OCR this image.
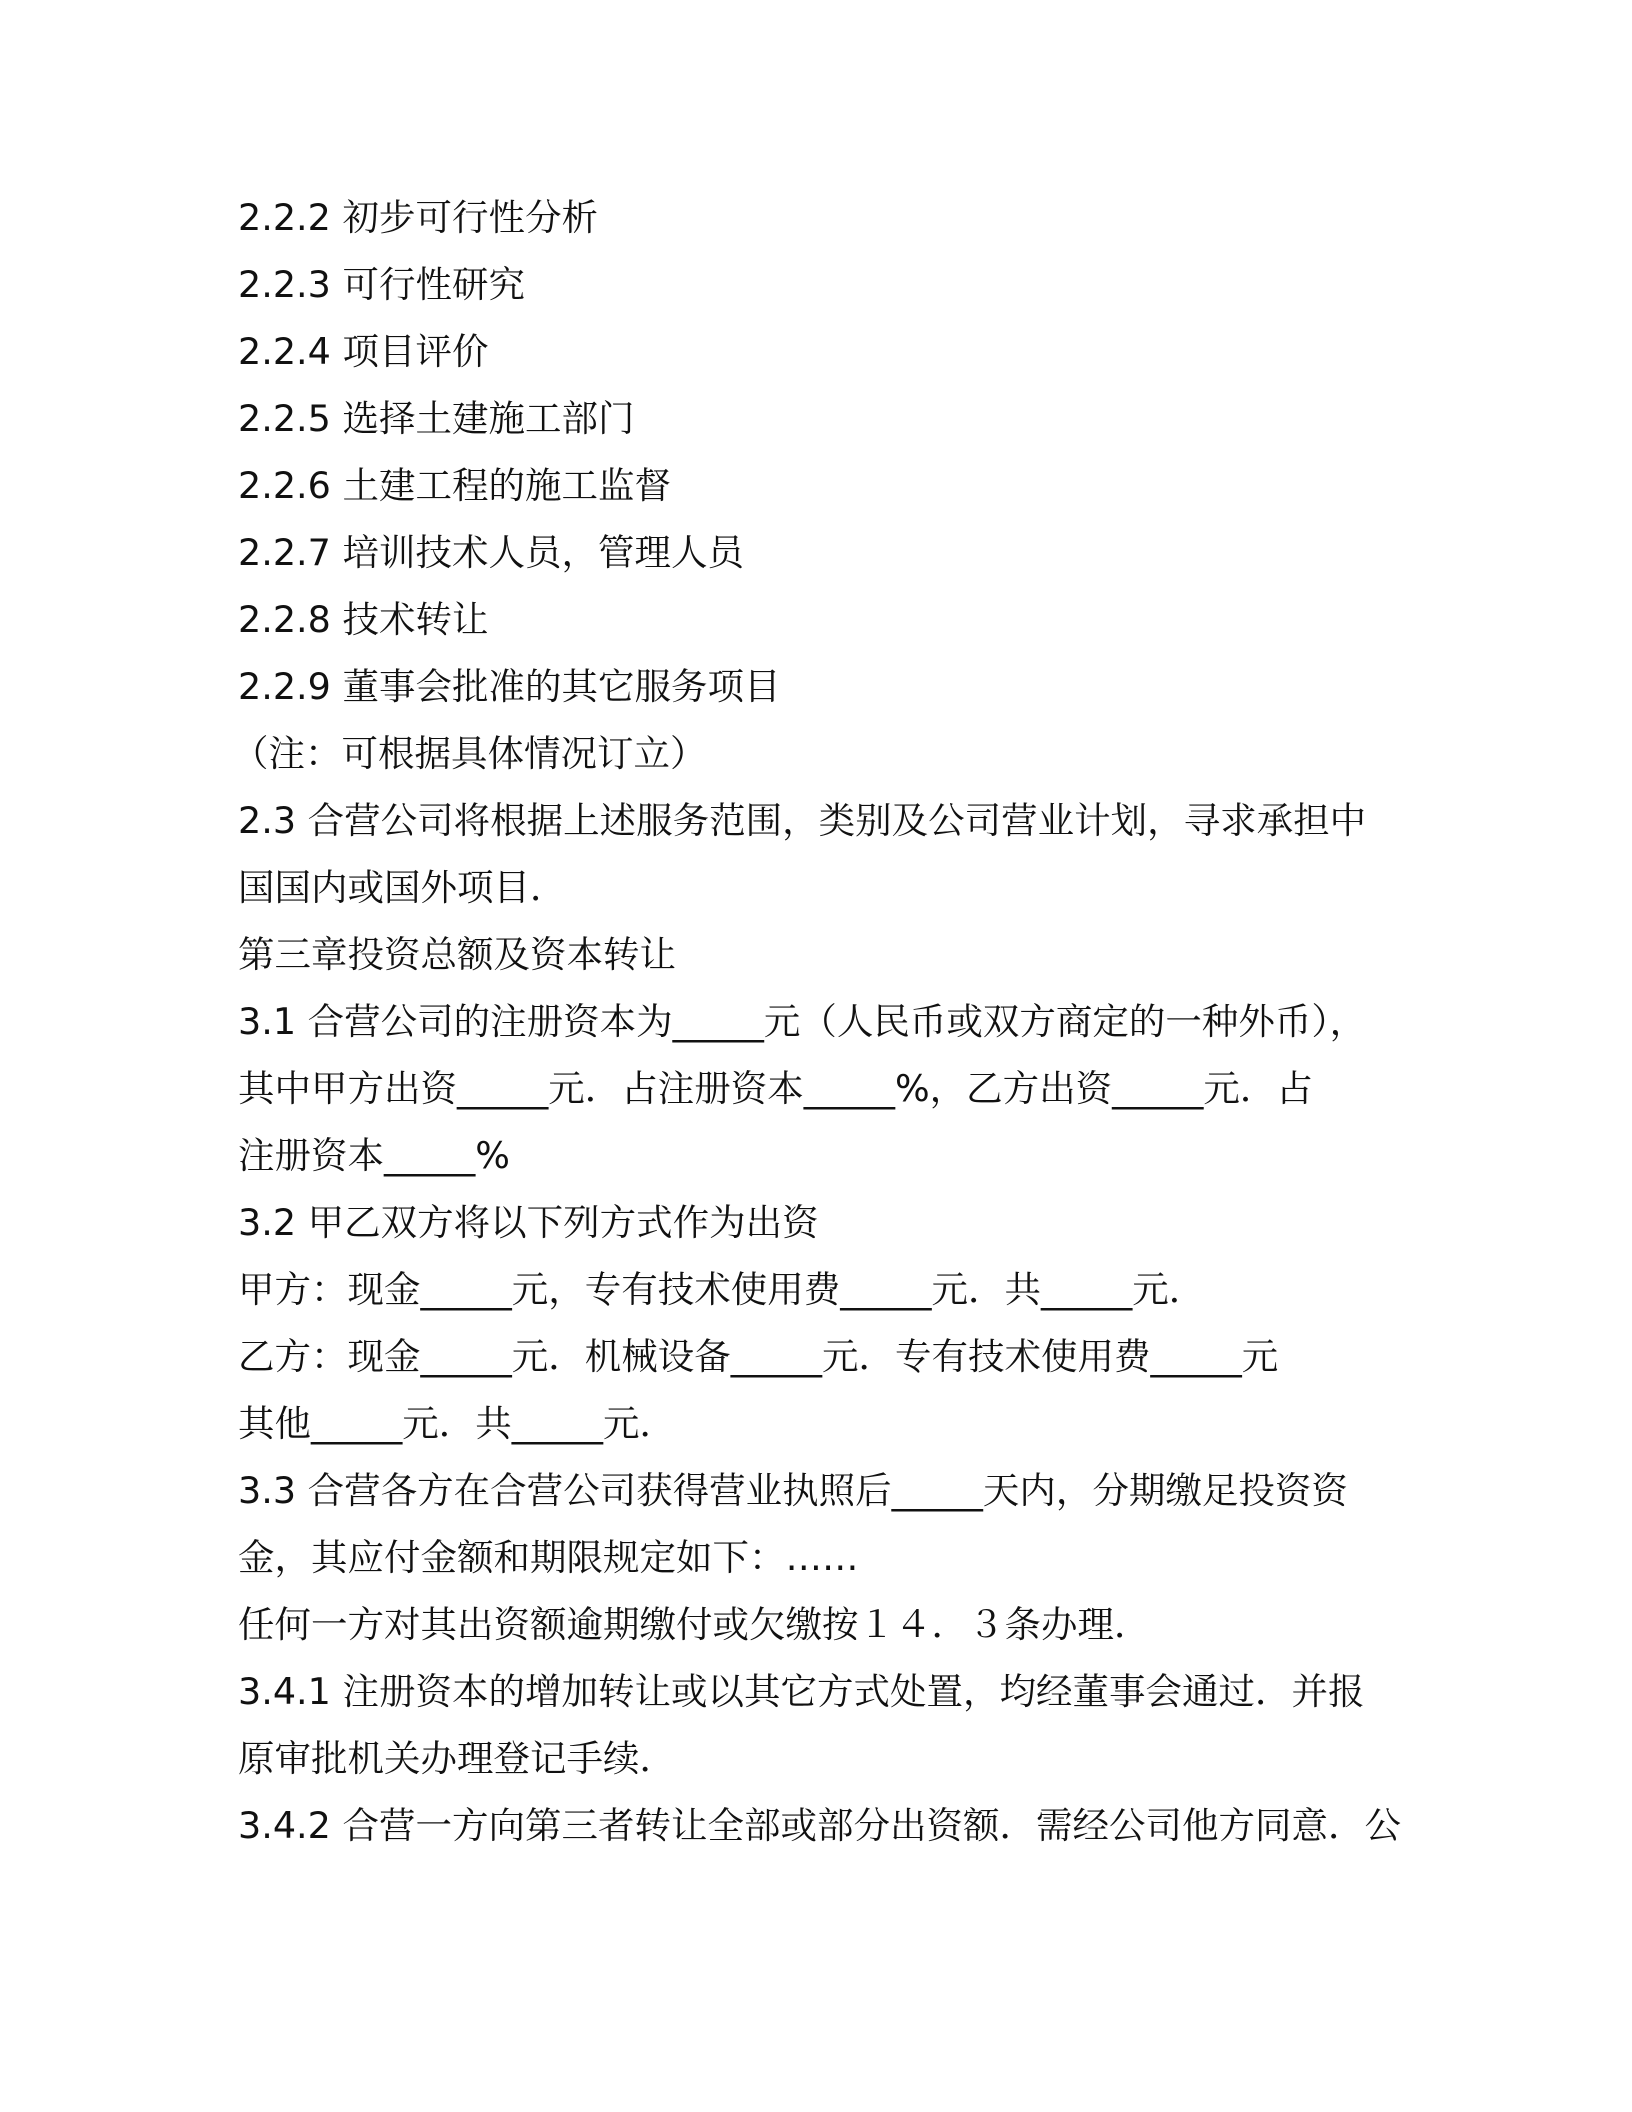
2.2.2 初步可行性分析
2.2.3 可行性研究
2.2.4 项目评价
2.2.5 选择土建施工部门
2.2.6 土建工程的施工监督
2.2.7 培训技术人员，管理人员
2.2.8 技术转让
2.2.9 董事会批准的其它服务项目
（注：可根据具体情况订立）
2.3 合营公司将根据上述服务范围，类别及公司营业计划，寻求承担中
国国内或国外项目．
第三章投资总额及资本转让
3.1 合营公司的注册资本为_____元（人民币或双方商定的一种外币），
其中甲方出资_____元．占注册资本_____%，乙方出资_____元．占
注册资本_____%
3.2 甲乙双方将以下列方式作为出资
甲方：现金_____元，专有技术使用费_____元．共_____元．
乙方：现金_____元．机械设备_____元．专有技术使用费_____元
其他_____元．共_____元．
3.3 合营各方在合营公司获得营业执照后_____天内，分期缴足投资资
金，其应付金额和期限规定如下：……
任何一方对其出资额逾期缴付或欠缴按１４．３条办理．
3.4.1 注册资本的增加转让或以其它方式处置，均经董事会通过．并报
原审批机关办理登记手续．
3.4.2 合营一方向第三者转让全部或部分出资额．需经公司他方同意．公
